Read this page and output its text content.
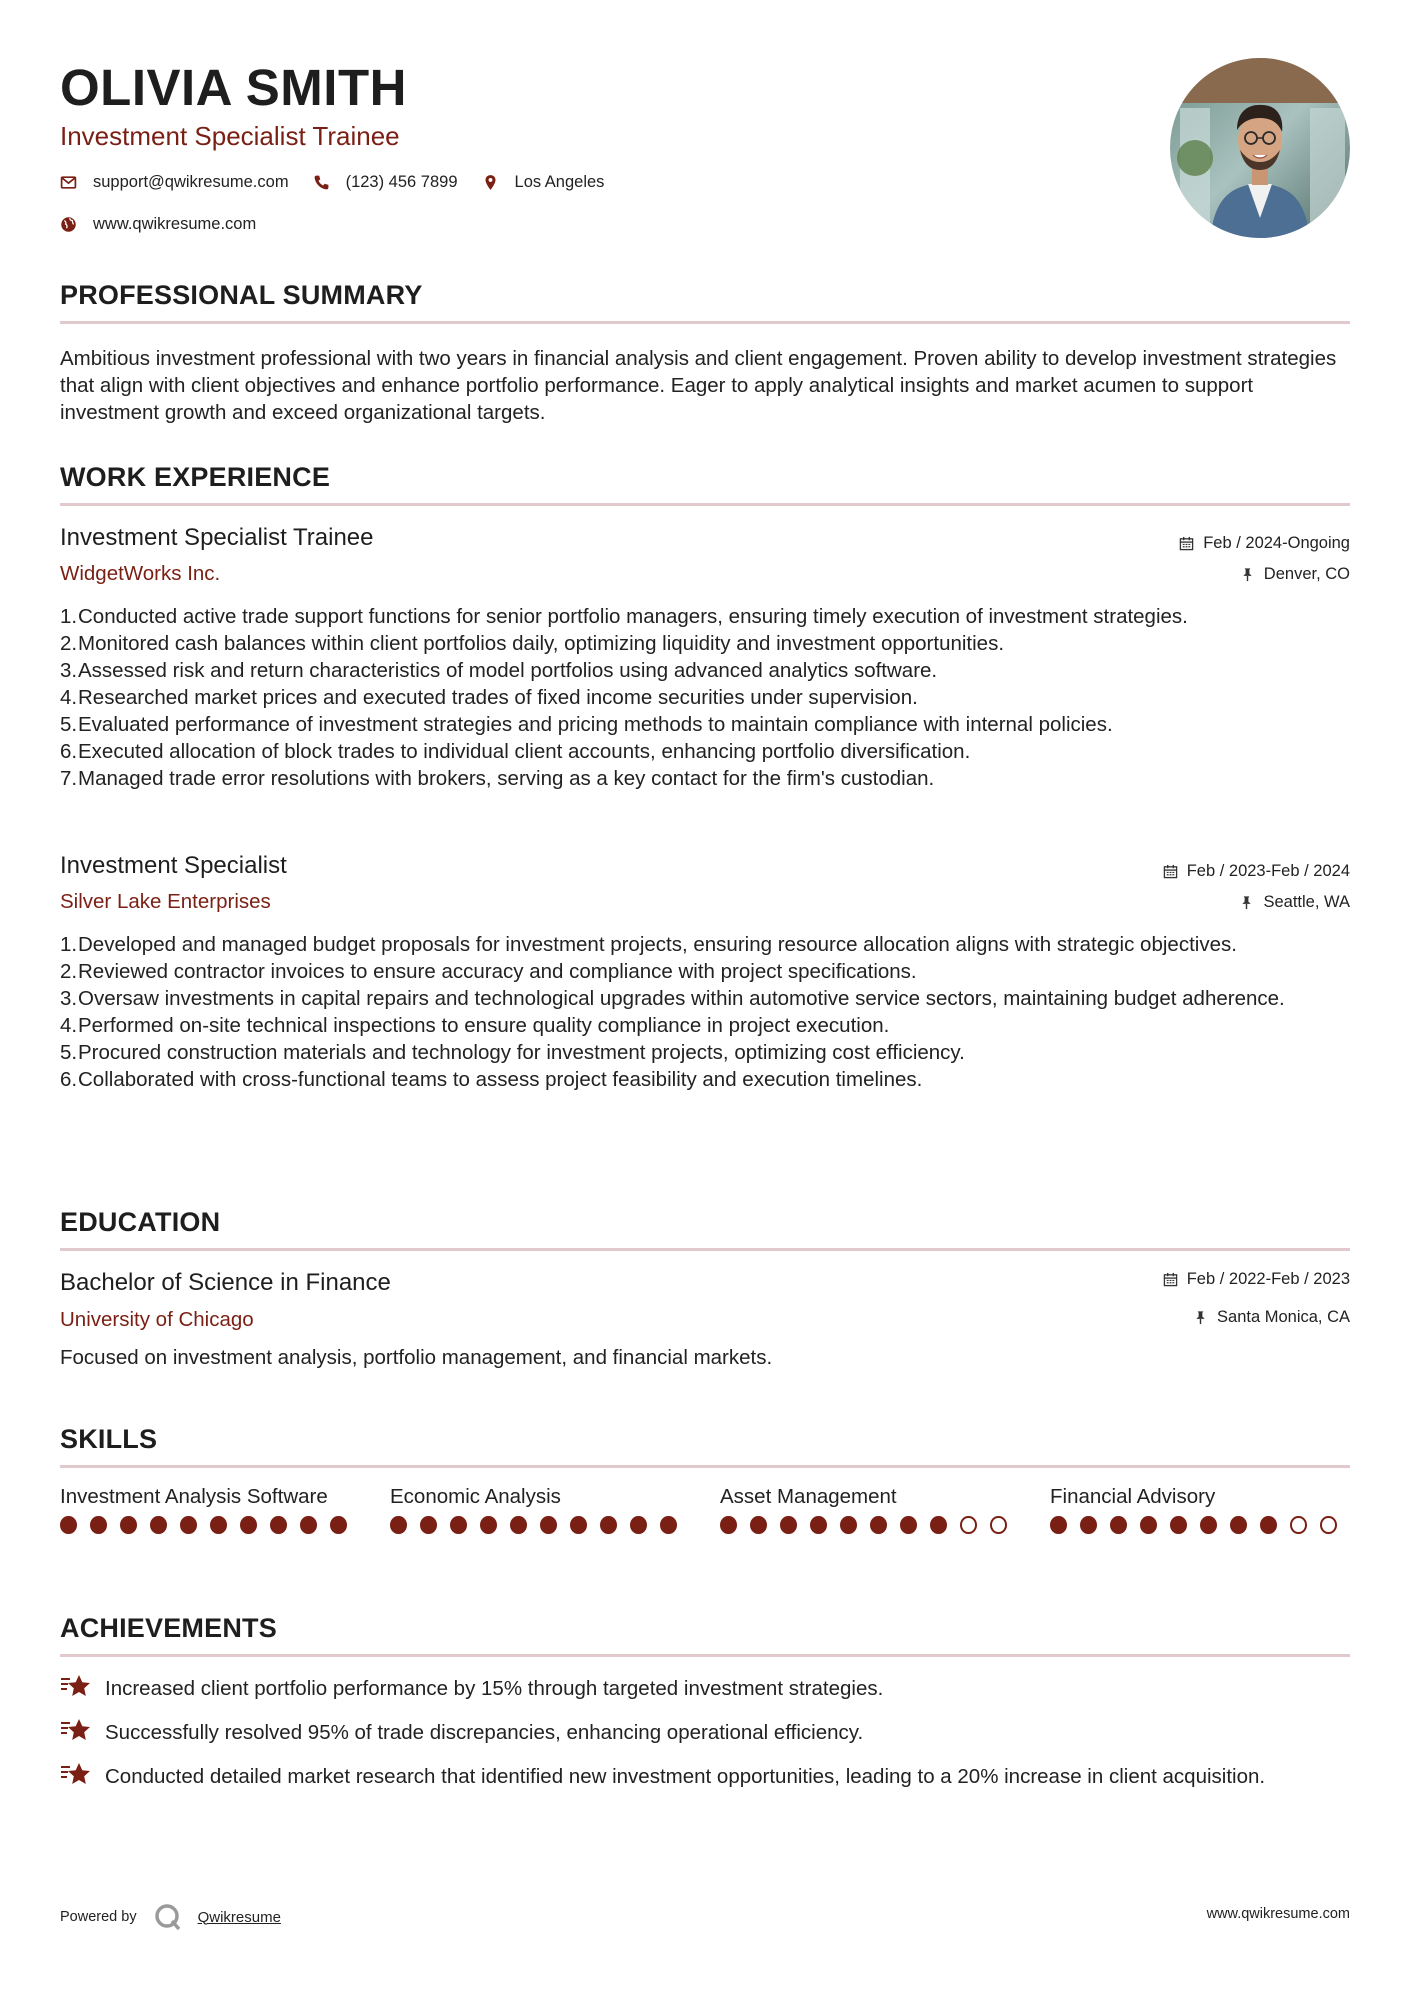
OLIVIA SMITH
Investment Specialist Trainee
support@qwikresume.com	(123) 456 7899	Los Angeles
www.qwikresume.com
PROFESSIONAL SUMMARY
Ambitious investment professional with two years in financial analysis and client engagement. Proven ability to develop investment strategies that align with client objectives and enhance portfolio performance. Eager to apply analytical insights and market acumen to support investment growth and exceed organizational targets.
WORK EXPERIENCE
Investment Specialist Trainee
WidgetWorks Inc.
Feb / 2024-Ongoing
Denver, CO
Conducted active trade support functions for senior portfolio managers, ensuring timely execution of investment strategies.
Monitored cash balances within client portfolios daily, optimizing liquidity and investment opportunities.
Assessed risk and return characteristics of model portfolios using advanced analytics software.
Researched market prices and executed trades of fixed income securities under supervision.
Evaluated performance of investment strategies and pricing methods to maintain compliance with internal policies.
Executed allocation of block trades to individual client accounts, enhancing portfolio diversification.
Managed trade error resolutions with brokers, serving as a key contact for the firm's custodian.
Investment Specialist
Silver Lake Enterprises
Feb / 2023-Feb / 2024
Seattle, WA
Developed and managed budget proposals for investment projects, ensuring resource allocation aligns with strategic objectives.
Reviewed contractor invoices to ensure accuracy and compliance with project specifications.
Oversaw investments in capital repairs and technological upgrades within automotive service sectors, maintaining budget adherence.
Performed on-site technical inspections to ensure quality compliance in project execution.
Procured construction materials and technology for investment projects, optimizing cost efficiency.
Collaborated with cross-functional teams to assess project feasibility and execution timelines.
EDUCATION
Bachelor of Science in Finance
University of Chicago
Feb / 2022-Feb / 2023
Santa Monica, CA
Focused on investment analysis, portfolio management, and financial markets.
SKILLS
Investment Analysis Software	Economic Analysis	Asset Management	Financial Advisory
ACHIEVEMENTS
Increased client portfolio performance by 15% through targeted investment strategies.
Successfully resolved 95% of trade discrepancies, enhancing operational efficiency.
Conducted detailed market research that identified new investment opportunities, leading to a 20% increase in client acquisition.
Powered by	Qwikresume	www.qwikresume.com
